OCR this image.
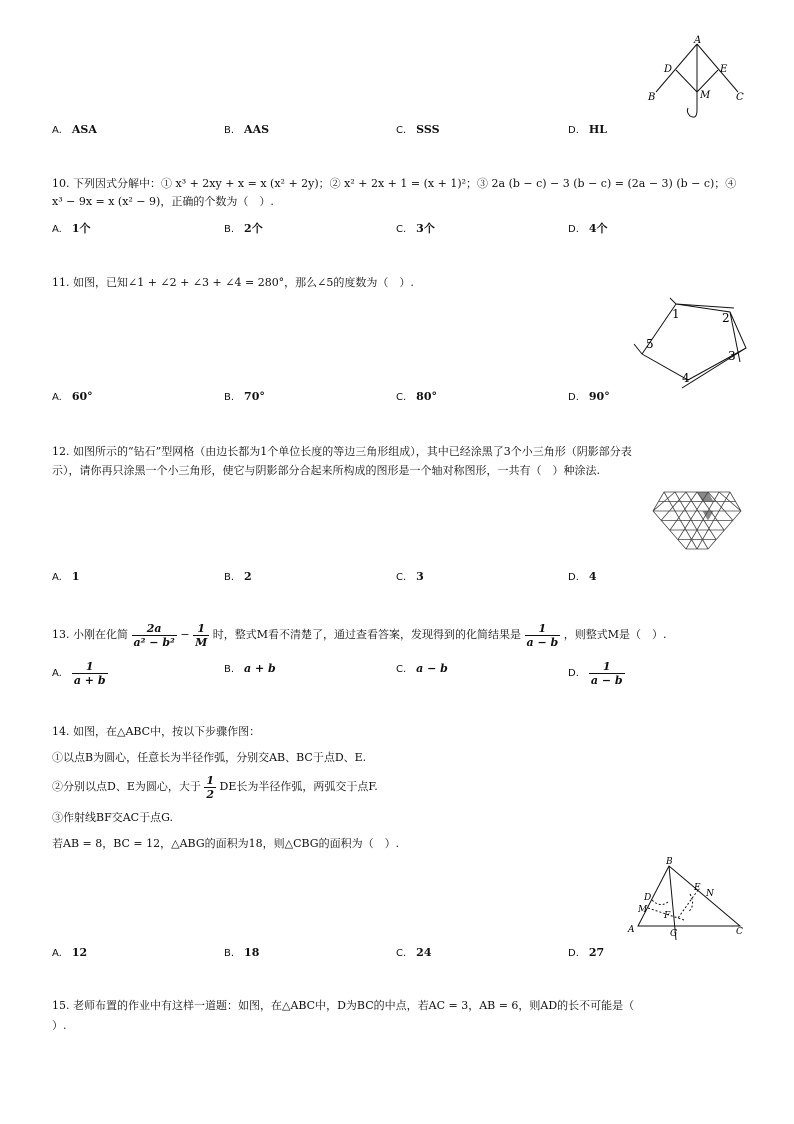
A
D	E
B	M	C
A. ASA	B. AAS	C. SSS	D. HL
10. 下列因式分解中：① x³ + 2xy + x = x (x² + 2y)；② x² + 2x + 1 = (x + 1)²；③ 2a (b − c) − 3 (b − c) = (2a − 3) (b − c)；④
x³ − 9x = x (x² − 9)，正确的个数为（　）.
A. 1个	B. 2个	C. 3个	D. 4个
11. 如图，已知∠1 + ∠2 + ∠3 + ∠4 = 280°，那么∠5的度数为（　）.
1	2
3
4
5
A. 60°	B. 70°	C. 80°	D. 90°
12. 如图所示的“钻石”型网格（由边长都为1个单位长度的等边三角形组成），其中已经涂黑了3个小三角形（阴影部分表
示），请你再只涂黑一个小三角形，使它与阴影部分合起来所构成的图形是一个轴对称图形，一共有（　）种涂法.
A. 1	B. 2	C. 3	D. 4
13. 小刚在化简 $\frac{2a}{\text{a² − b²}} - \frac{1}{M}$ 时，整式M看不清楚了，通过查看答案，发现得到的化简结果是 $\frac{1}{a - b}$ ，则整式M是（　）.
A. $\frac{1}{a + b}$	B. a + b	C. a − b	D. $\frac{1}{a - b}$
14. 如图，在△ABC中，按以下步骤作图：
①以点B为圆心，任意长为半径作弧，分别交AB、BC于点D、E.
②分别以点D、E为圆心，大于 $\frac{1}{2}$ DE长为半径作弧，两弧交于点F.
③作射线BF交AC于点G.
若AB = 8，BC = 12，△ABG的面积为18，则△CBG的面积为（　）.
B
D
E
N
M
F
A	G	C
A. 12	B. 18	C. 24	D. 27
15. 老师布置的作业中有这样一道题：如图，在△ABC中，D为BC的中点，若AC = 3，AB = 6，则AD的长不可能是（
）.
